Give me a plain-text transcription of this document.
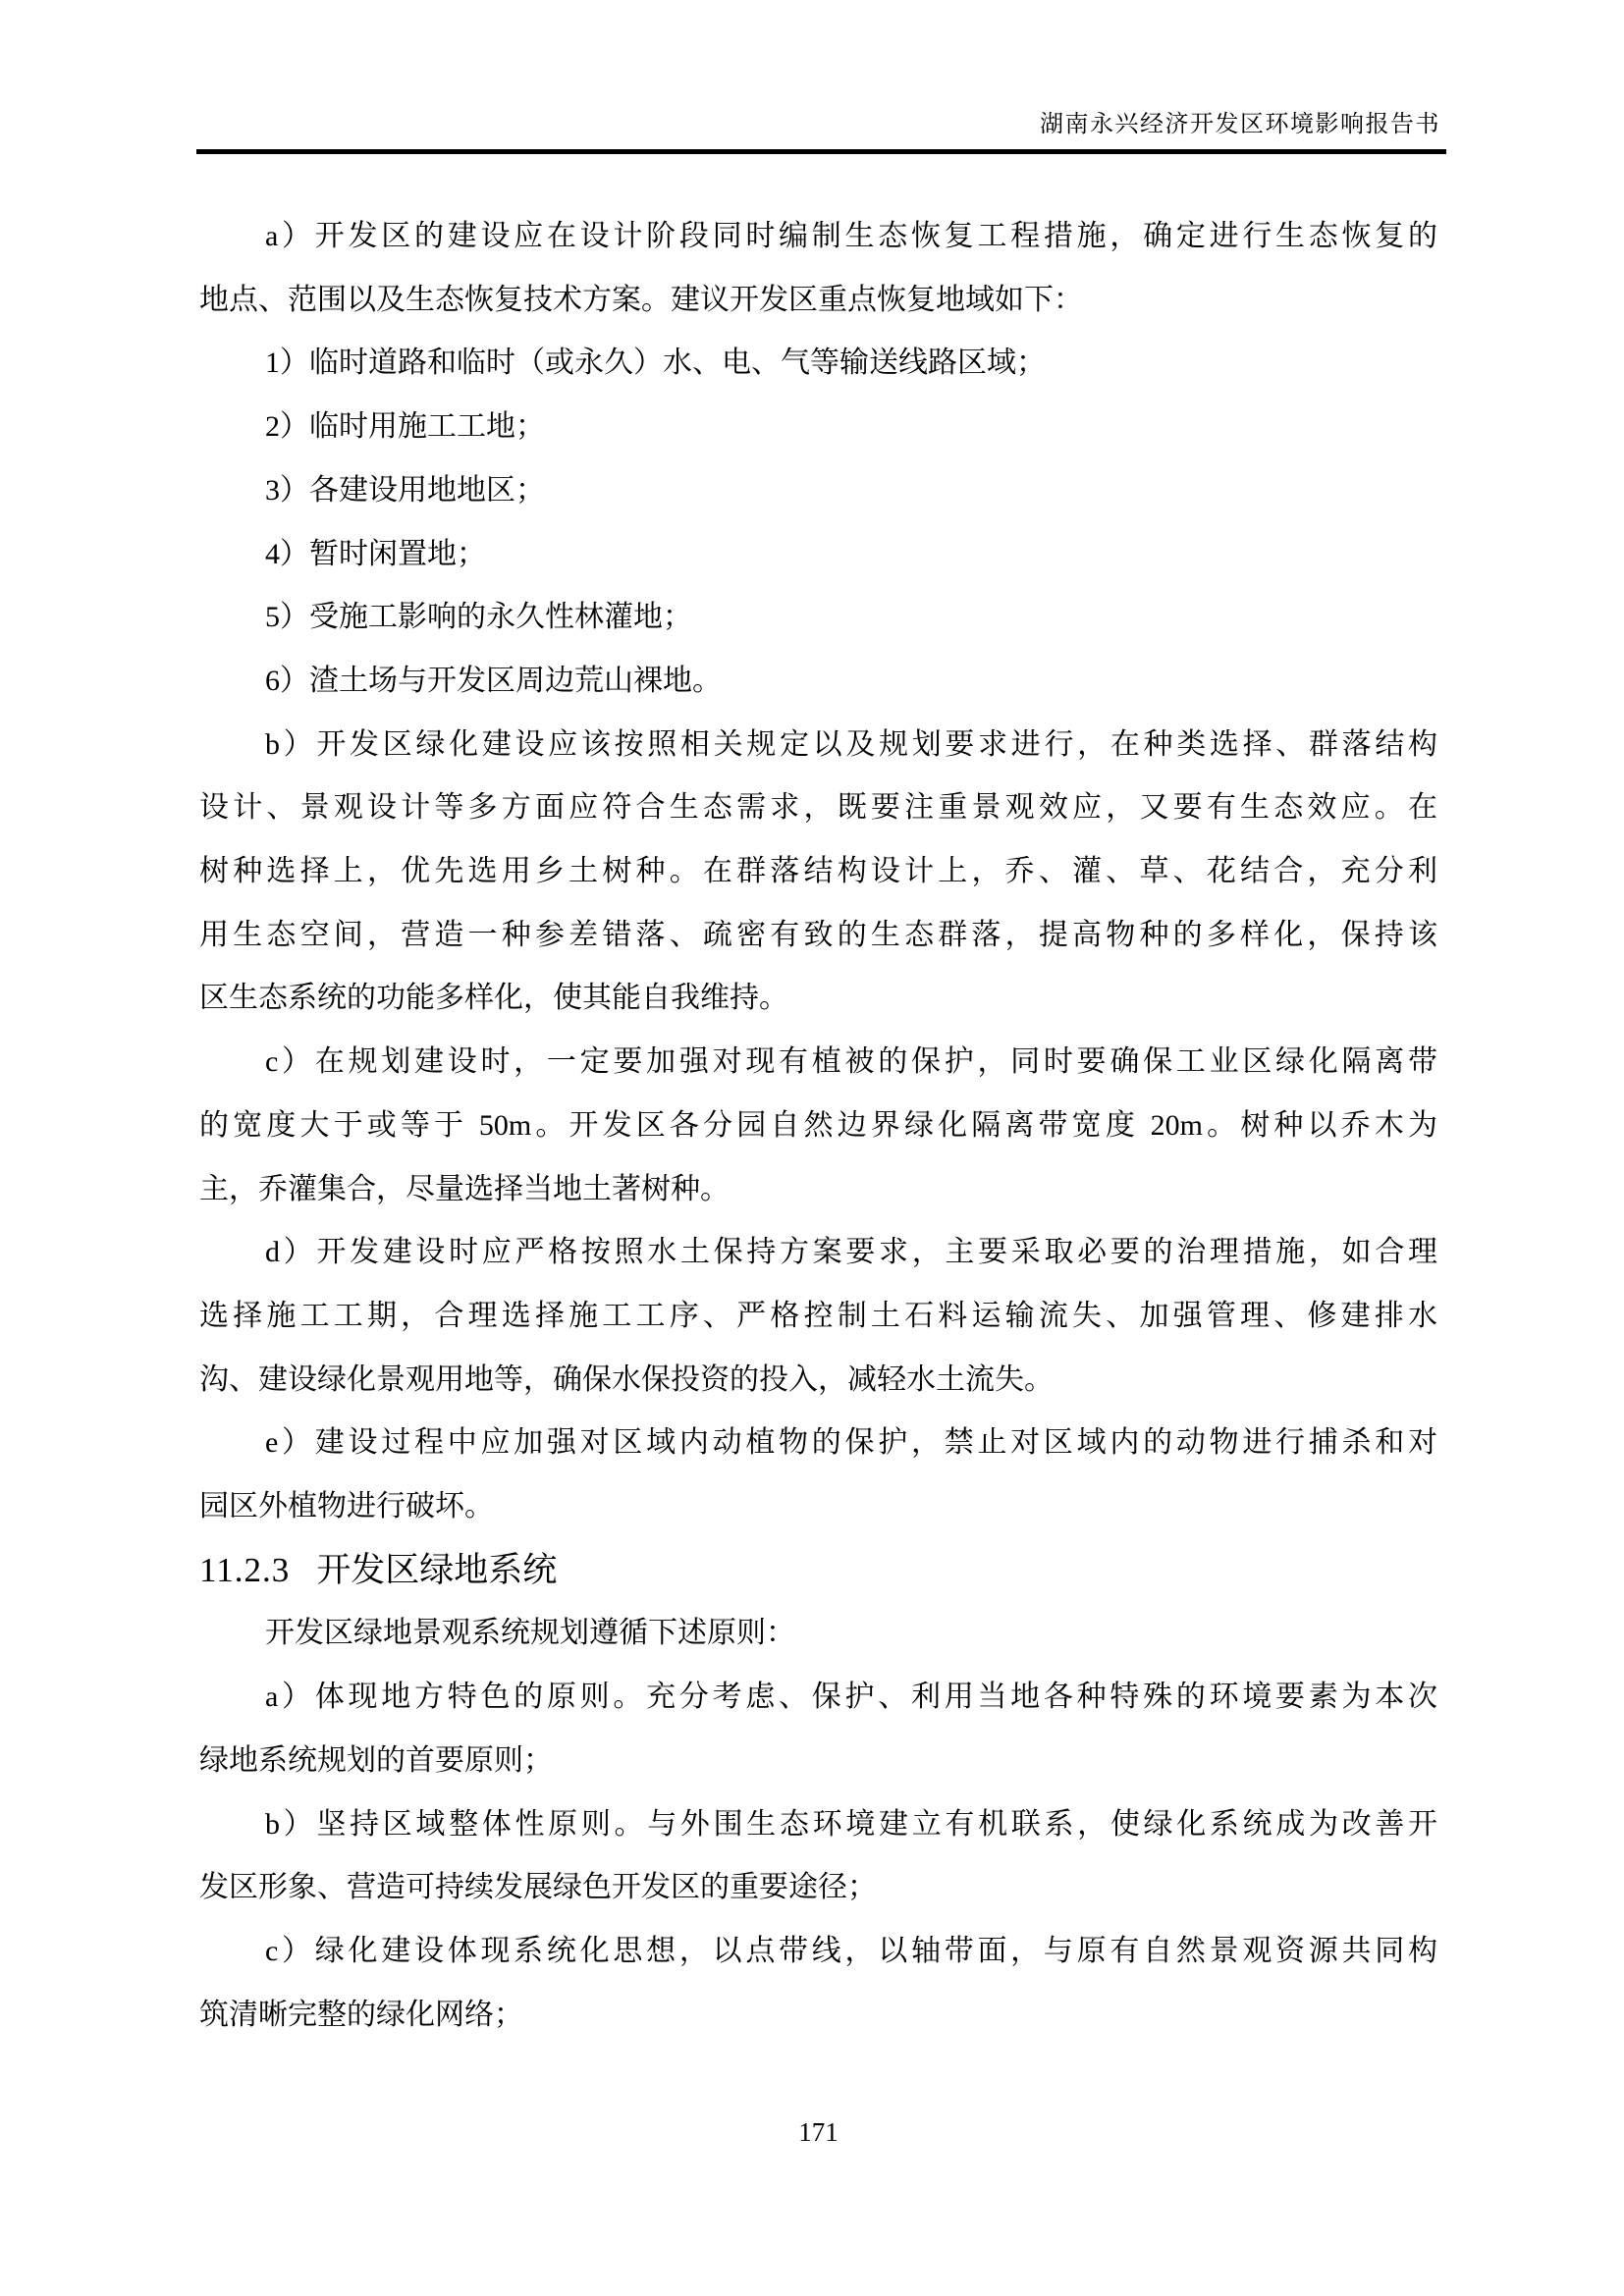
湖南永兴经济开发区环境影响报告书
a）开发区的建设应在设计阶段同时编制生态恢复工程措施，确定进行生态恢复的
地点、范围以及生态恢复技术方案。建议开发区重点恢复地域如下：
1）临时道路和临时（或永久）水、电、气等输送线路区域；
2）临时用施工工地；
3）各建设用地地区；
4）暂时闲置地；
5）受施工影响的永久性林灌地；
6）渣土场与开发区周边荒山裸地。
b）开发区绿化建设应该按照相关规定以及规划要求进行，在种类选择、群落结构
设计、景观设计等多方面应符合生态需求，既要注重景观效应，又要有生态效应。在
树种选择上，优先选用乡土树种。在群落结构设计上，乔、灌、草、花结合，充分利
用生态空间，营造一种参差错落、疏密有致的生态群落，提高物种的多样化，保持该
区生态系统的功能多样化，使其能自我维持。
c）在规划建设时，一定要加强对现有植被的保护，同时要确保工业区绿化隔离带
的宽度大于或等于 50m。开发区各分园自然边界绿化隔离带宽度 20m。树种以乔木为
主，乔灌集合，尽量选择当地土著树种。
d）开发建设时应严格按照水土保持方案要求，主要采取必要的治理措施，如合理
选择施工工期，合理选择施工工序、严格控制土石料运输流失、加强管理、修建排水
沟、建设绿化景观用地等，确保水保投资的投入，减轻水土流失。
e）建设过程中应加强对区域内动植物的保护，禁止对区域内的动物进行捕杀和对
园区外植物进行破坏。
11.2.3 开发区绿地系统
开发区绿地景观系统规划遵循下述原则：
a）体现地方特色的原则。充分考虑、保护、利用当地各种特殊的环境要素为本次
绿地系统规划的首要原则；
b）坚持区域整体性原则。与外围生态环境建立有机联系，使绿化系统成为改善开
发区形象、营造可持续发展绿色开发区的重要途径；
c）绿化建设体现系统化思想，以点带线，以轴带面，与原有自然景观资源共同构
筑清晰完整的绿化网络；
171
